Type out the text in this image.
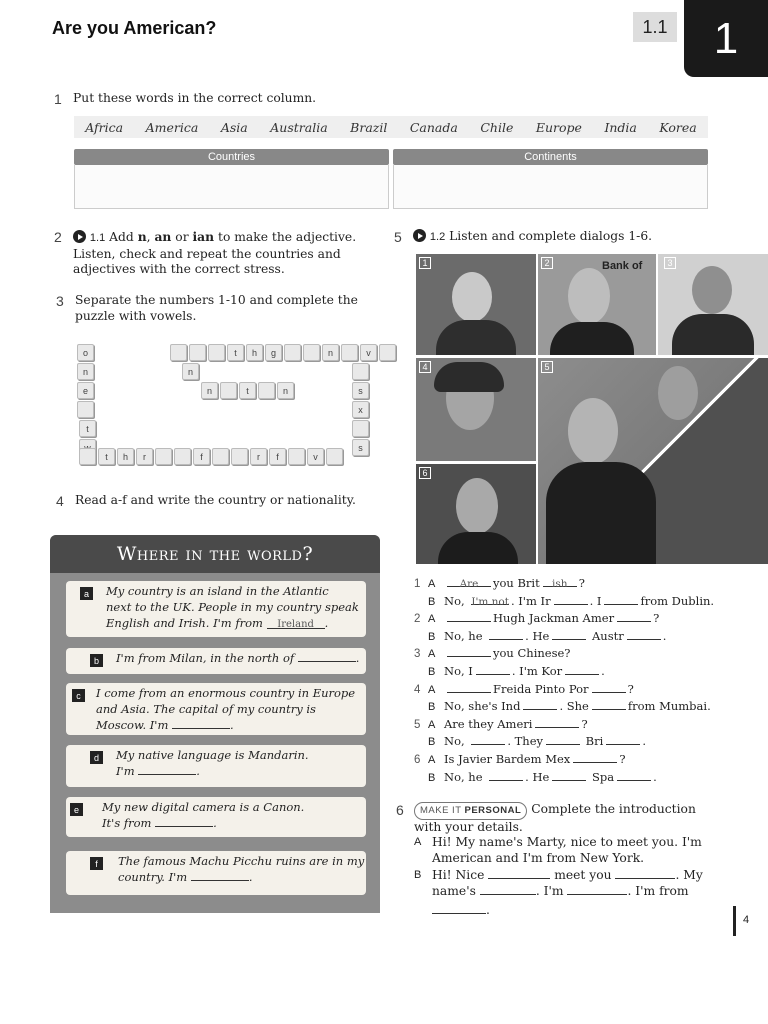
Are you American?	1.1	1
1 Put these words in the correct column.
Africa America Asia Australia Brazil Canada Chile Europe India Korea
Countries	Continents
2	1.1 Add n, an or ian to make the adjective.
Listen, check and repeat the countries and
adjectives with the correct stress.
3 Separate the numbers 1-10 and complete the
puzzle with vowels.
t	h	g	n	v
o
n
e
t
s
x
s
t	h	r	f	r	f	v
n
n	t	n
4 Read a-f and write the country or nationality.
Where in the world?
a	My country is an island in the Atlantic
next to the UK. People in my country speak
English and Irish. I'm from Ireland .
b	I'm from Milan, in the north of	.
c	I come from an enormous country in Europe
and Asia. The capital of my country is
Moscow. I'm	.
d	My native language is Mandarin.
I'm	.
e	My new digital camera is a Canon.
It's from	.
f	The famous Machu Picchu ruins are in my
country. I'm	.
5	1.2 Listen and complete dialogs 1-6.
1	Bank of
2	3
4	5
6
1 A Are you Brit ish ?
B No, I'm not . I'm Ir	. I	from Dublin.
2 A	Hugh Jackman Amer	?
B No, he	. He	Austr	.
3 A	you Chinese?
B No, I	. I'm Kor	.
4 A	Freida Pinto Por	?
B No, she's Ind	. She	from Mumbai.
5 A Are they Ameri	?
B No,	. They	Bri	.
6 A Is Javier Bardem Mex	?
B No, he	. He	Spa	.
6	MAKE IT PERSONAL Complete the introduction
with your details.
A Hi! My name's Marty, nice to meet you. I'm
American and I'm from New York.
B Hi! Nice	meet you	. My
name's	. I'm	. I'm from
.
4
